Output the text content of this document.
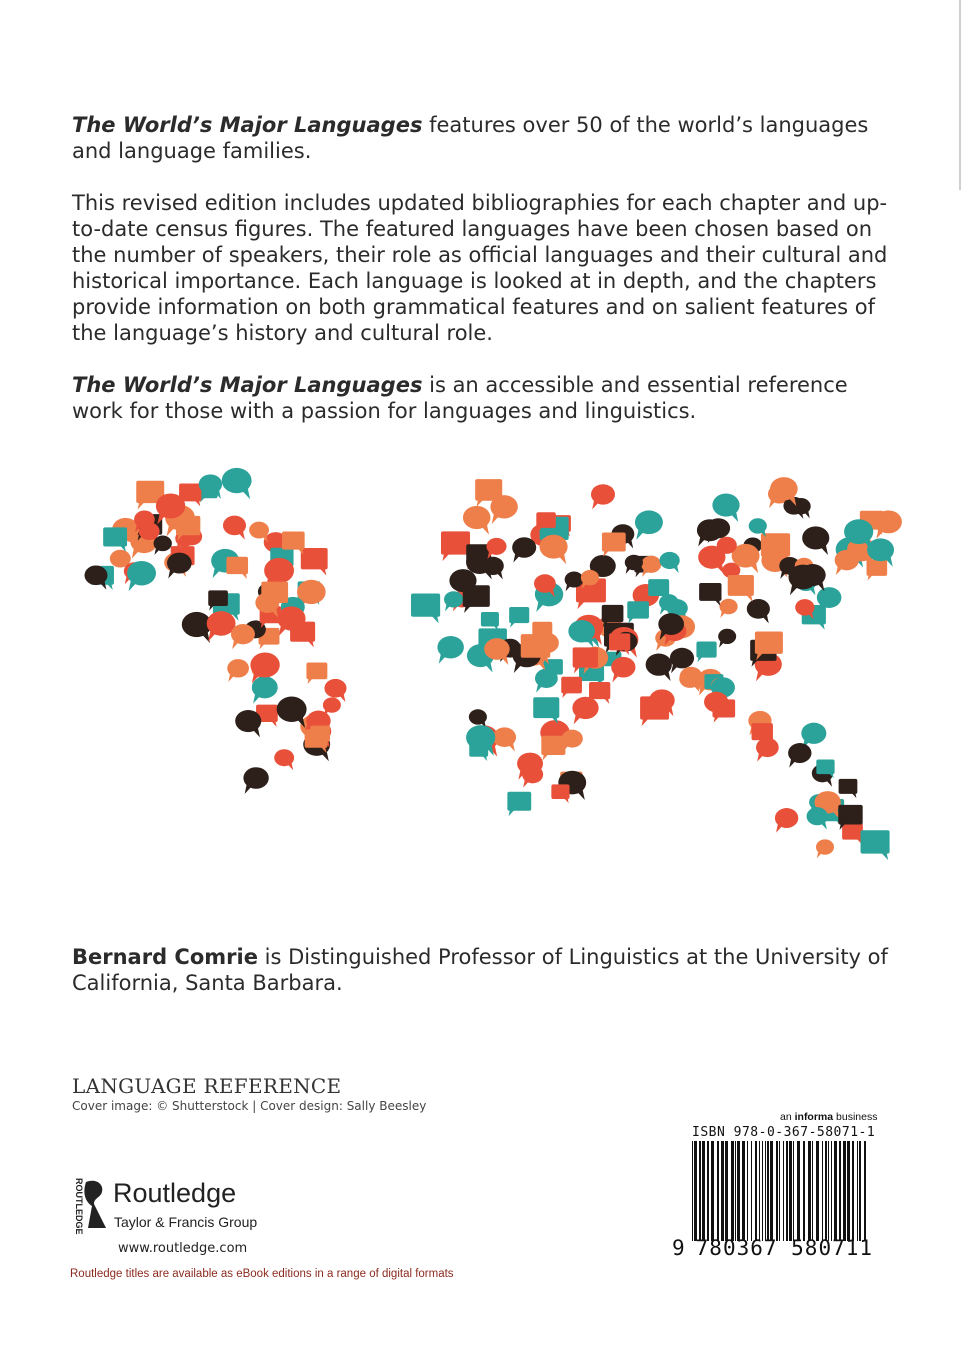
The World’s Major Languages features over 50 of the world’s languages and language families.

This revised edition includes updated bibliographies for each chapter and up-to-date census figures. The featured languages have been chosen based on the number of speakers, their role as official languages and their cultural and historical importance. Each language is looked at in depth, and the chapters provide information on both grammatical features and on salient features of the language’s history and cultural role.

The World’s Major Languages is an accessible and essential reference work for those with a passion for languages and linguistics.

Bernard Comrie is Distinguished Professor of Linguistics at the University of California, Santa Barbara.

LANGUAGE REFERENCE
Cover image: © Shutterstock | Cover design: Sally Beesley
ROUTLEDGE Routledge
Taylor & Francis Group
www.routledge.com
Routledge titles are available as eBook editions in a range of digital formats
an informa business
ISBN 978-0-367-58071-1
9 780367 580711
